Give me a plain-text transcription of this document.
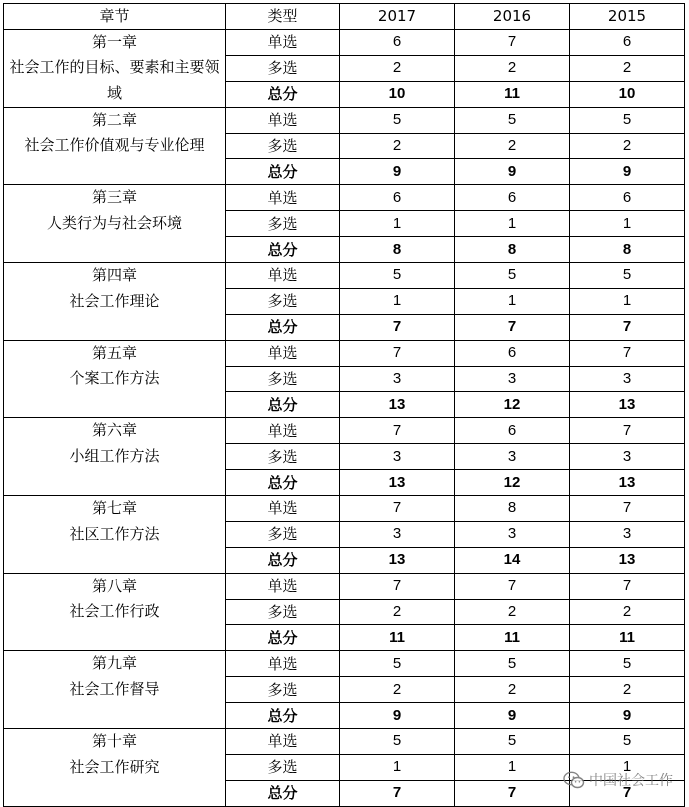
章节	类型	2017	2016	2015
第一章
社会工作的目标、要素和主要领域	单选	6	7	6
	多选	2	2	2
	总分	10	11	10
第二章
社会工作价值观与专业伦理	单选	5	5	5
	多选	2	2	2
	总分	9	9	9
第三章
人类行为与社会环境	单选	6	6	6
	多选	1	1	1
	总分	8	8	8
第四章
社会工作理论	单选	5	5	5
	多选	1	1	1
	总分	7	7	7
第五章
个案工作方法	单选	7	6	7
	多选	3	3	3
	总分	13	12	13
第六章
小组工作方法	单选	7	6	7
	多选	3	3	3
	总分	13	12	13
第七章
社区工作方法	单选	7	8	7
	多选	3	3	3
	总分	13	14	13
第八章
社会工作行政	单选	7	7	7
	多选	2	2	2
	总分	11	11	11
第九章
社会工作督导	单选	5	5	5
	多选	2	2	2
	总分	9	9	9
第十章
社会工作研究	单选	5	5	5
	多选	1	1	1
	总分	7	7	7
中国社会工作
